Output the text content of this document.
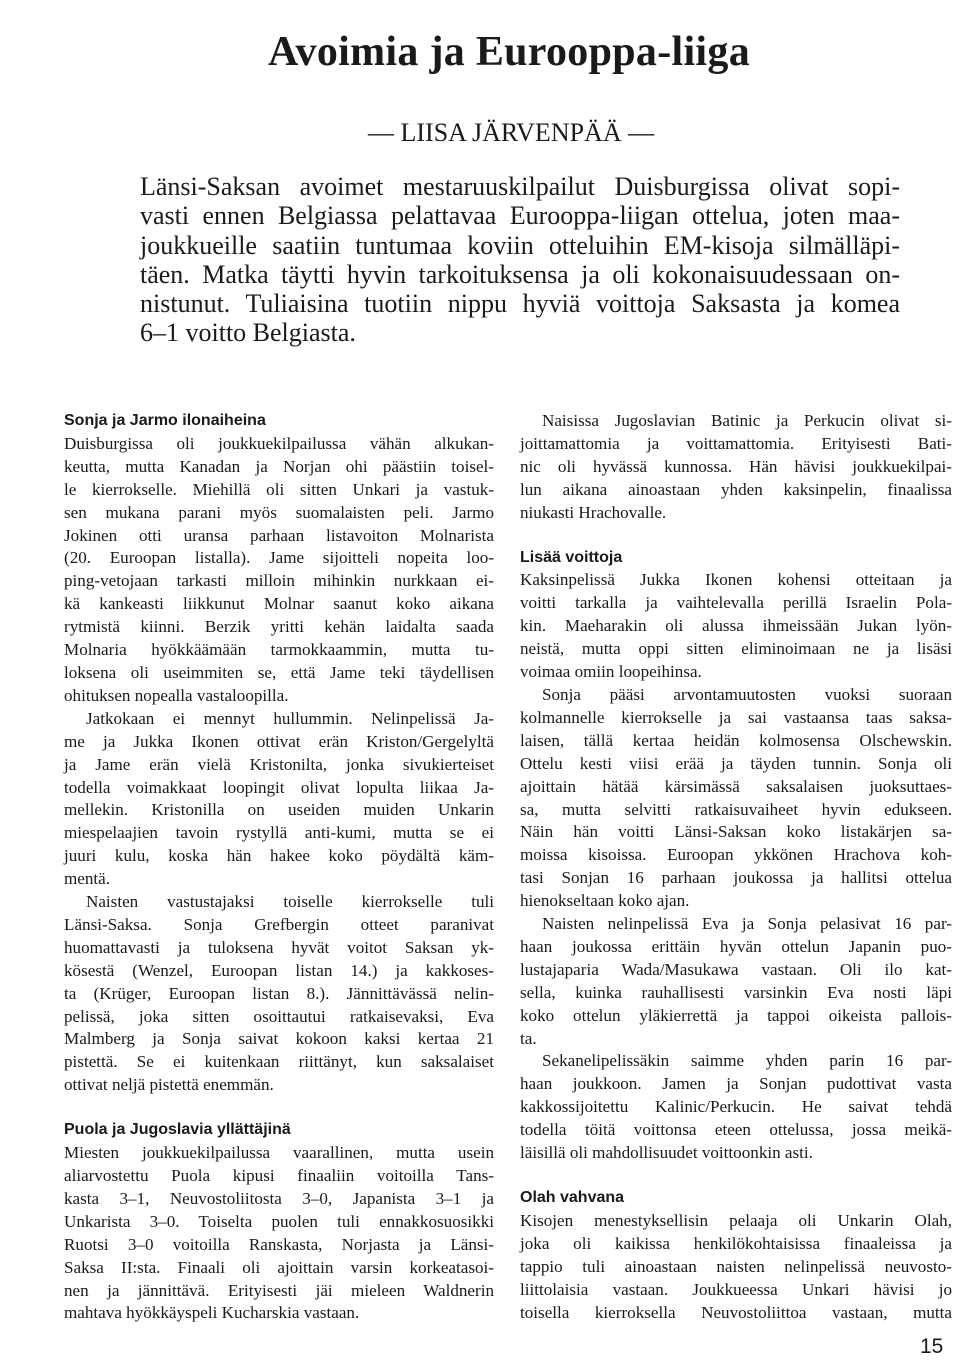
Avoimia ja Eurooppa-liiga
— LIISA JÄRVENPÄÄ —
Länsi-Saksan avoimet mestaruuskilpailut Duisburgissa olivat sopi-
vasti ennen Belgiassa pelattavaa Eurooppa-liigan ottelua, joten maa-
joukkueille saatiin tuntumaa koviin otteluihin EM-kisoja silmälläpi-
täen. Matka täytti hyvin tarkoituksensa ja oli kokonaisuudessaan on-
nistunut. Tuliaisina tuotiin nippu hyviä voittoja Saksasta ja komea
6–1 voitto Belgiasta.
Sonja ja Jarmo ilonaiheina
Duisburgissa oli joukkuekilpailussa vähän alkukan-
keutta, mutta Kanadan ja Norjan ohi päästiin toisel-
le kierrokselle. Miehillä oli sitten Unkari ja vastuk-
sen mukana parani myös suomalaisten peli. Jarmo
Jokinen otti uransa parhaan listavoiton Molnarista
(20. Euroopan listalla). Jame sijoitteli nopeita loo-
ping-vetojaan tarkasti milloin mihinkin nurkkaan ei-
kä kankeasti liikkunut Molnar saanut koko aikana
rytmistä kiinni. Berzik yritti kehän laidalta saada
Molnaria hyökkäämään tarmokkaammin, mutta tu-
loksena oli useimmiten se, että Jame teki täydellisen
ohituksen nopealla vastaloopilla.
Jatkokaan ei mennyt hullummin. Nelinpelissä Ja-
me ja Jukka Ikonen ottivat erän Kriston/Gergelyltä
ja Jame erän vielä Kristonilta, jonka sivukierteiset
todella voimakkaat loopingit olivat lopulta liikaa Ja-
mellekin. Kristonilla on useiden muiden Unkarin
miespelaajien tavoin rystyllä anti-kumi, mutta se ei
juuri kulu, koska hän hakee koko pöydältä käm-
mentä.
Naisten vastustajaksi toiselle kierrokselle tuli
Länsi-Saksa. Sonja Grefbergin otteet paranivat
huomattavasti ja tuloksena hyvät voitot Saksan yk-
kösestä (Wenzel, Euroopan listan 14.) ja kakkoses-
ta (Krüger, Euroopan listan 8.). Jännittävässä nelin-
pelissä, joka sitten osoittautui ratkaisevaksi, Eva
Malmberg ja Sonja saivat kokoon kaksi kertaa 21
pistettä. Se ei kuitenkaan riittänyt, kun saksalaiset
ottivat neljä pistettä enemmän.
Puola ja Jugoslavia yllättäjinä
Miesten joukkuekilpailussa vaarallinen, mutta usein
aliarvostettu Puola kipusi finaaliin voitoilla Tans-
kasta 3–1, Neuvostoliitosta 3–0, Japanista 3–1 ja
Unkarista 3–0. Toiselta puolen tuli ennakkosuosikki
Ruotsi 3–0 voitoilla Ranskasta, Norjasta ja Länsi-
Saksa II:sta. Finaali oli ajoittain varsin korkeatasoi-
nen ja jännittävä. Erityisesti jäi mieleen Waldnerin
mahtava hyökkäyspeli Kucharskia vastaan.
Naisissa Jugoslavian Batinic ja Perkucin olivat si-
joittamattomia ja voittamattomia. Erityisesti Bati-
nic oli hyvässä kunnossa. Hän hävisi joukkuekilpai-
lun aikana ainoastaan yhden kaksinpelin, finaalissa
niukasti Hrachovalle.
Lisää voittoja
Kaksinpelissä Jukka Ikonen kohensi otteitaan ja
voitti tarkalla ja vaihtelevalla perillä Israelin Pola-
kin. Maeharakin oli alussa ihmeissään Jukan lyön-
neistä, mutta oppi sitten eliminoimaan ne ja lisäsi
voimaa omiin loopeihinsa.
Sonja pääsi arvontamuutosten vuoksi suoraan
kolmannelle kierrokselle ja sai vastaansa taas saksa-
laisen, tällä kertaa heidän kolmosensa Olschewskin.
Ottelu kesti viisi erää ja täyden tunnin. Sonja oli
ajoittain hätää kärsimässä saksalaisen juoksuttaes-
sa, mutta selvitti ratkaisuvaiheet hyvin edukseen.
Näin hän voitti Länsi-Saksan koko listakärjen sa-
moissa kisoissa. Euroopan ykkönen Hrachova koh-
tasi Sonjan 16 parhaan joukossa ja hallitsi ottelua
hienokseltaan koko ajan.
Naisten nelinpelissä Eva ja Sonja pelasivat 16 par-
haan joukossa erittäin hyvän ottelun Japanin puo-
lustajaparia Wada/Masukawa vastaan. Oli ilo kat-
sella, kuinka rauhallisesti varsinkin Eva nosti läpi
koko ottelun yläkierrettä ja tappoi oikeista pallois-
ta.
Sekanelipelissäkin saimme yhden parin 16 par-
haan joukkoon. Jamen ja Sonjan pudottivat vasta
kakkossijoitettu Kalinic/Perkucin. He saivat tehdä
todella töitä voittonsa eteen ottelussa, jossa meikä-
läisillä oli mahdollisuudet voittoonkin asti.
Olah vahvana
Kisojen menestyksellisin pelaaja oli Unkarin Olah,
joka oli kaikissa henkilökohtaisissa finaaleissa ja
tappio tuli ainoastaan naisten nelinpelissä neuvosto-
liittolaisia vastaan. Joukkueessa Unkari hävisi jo
toisella kierroksella Neuvostoliittoa vastaan, mutta
15
